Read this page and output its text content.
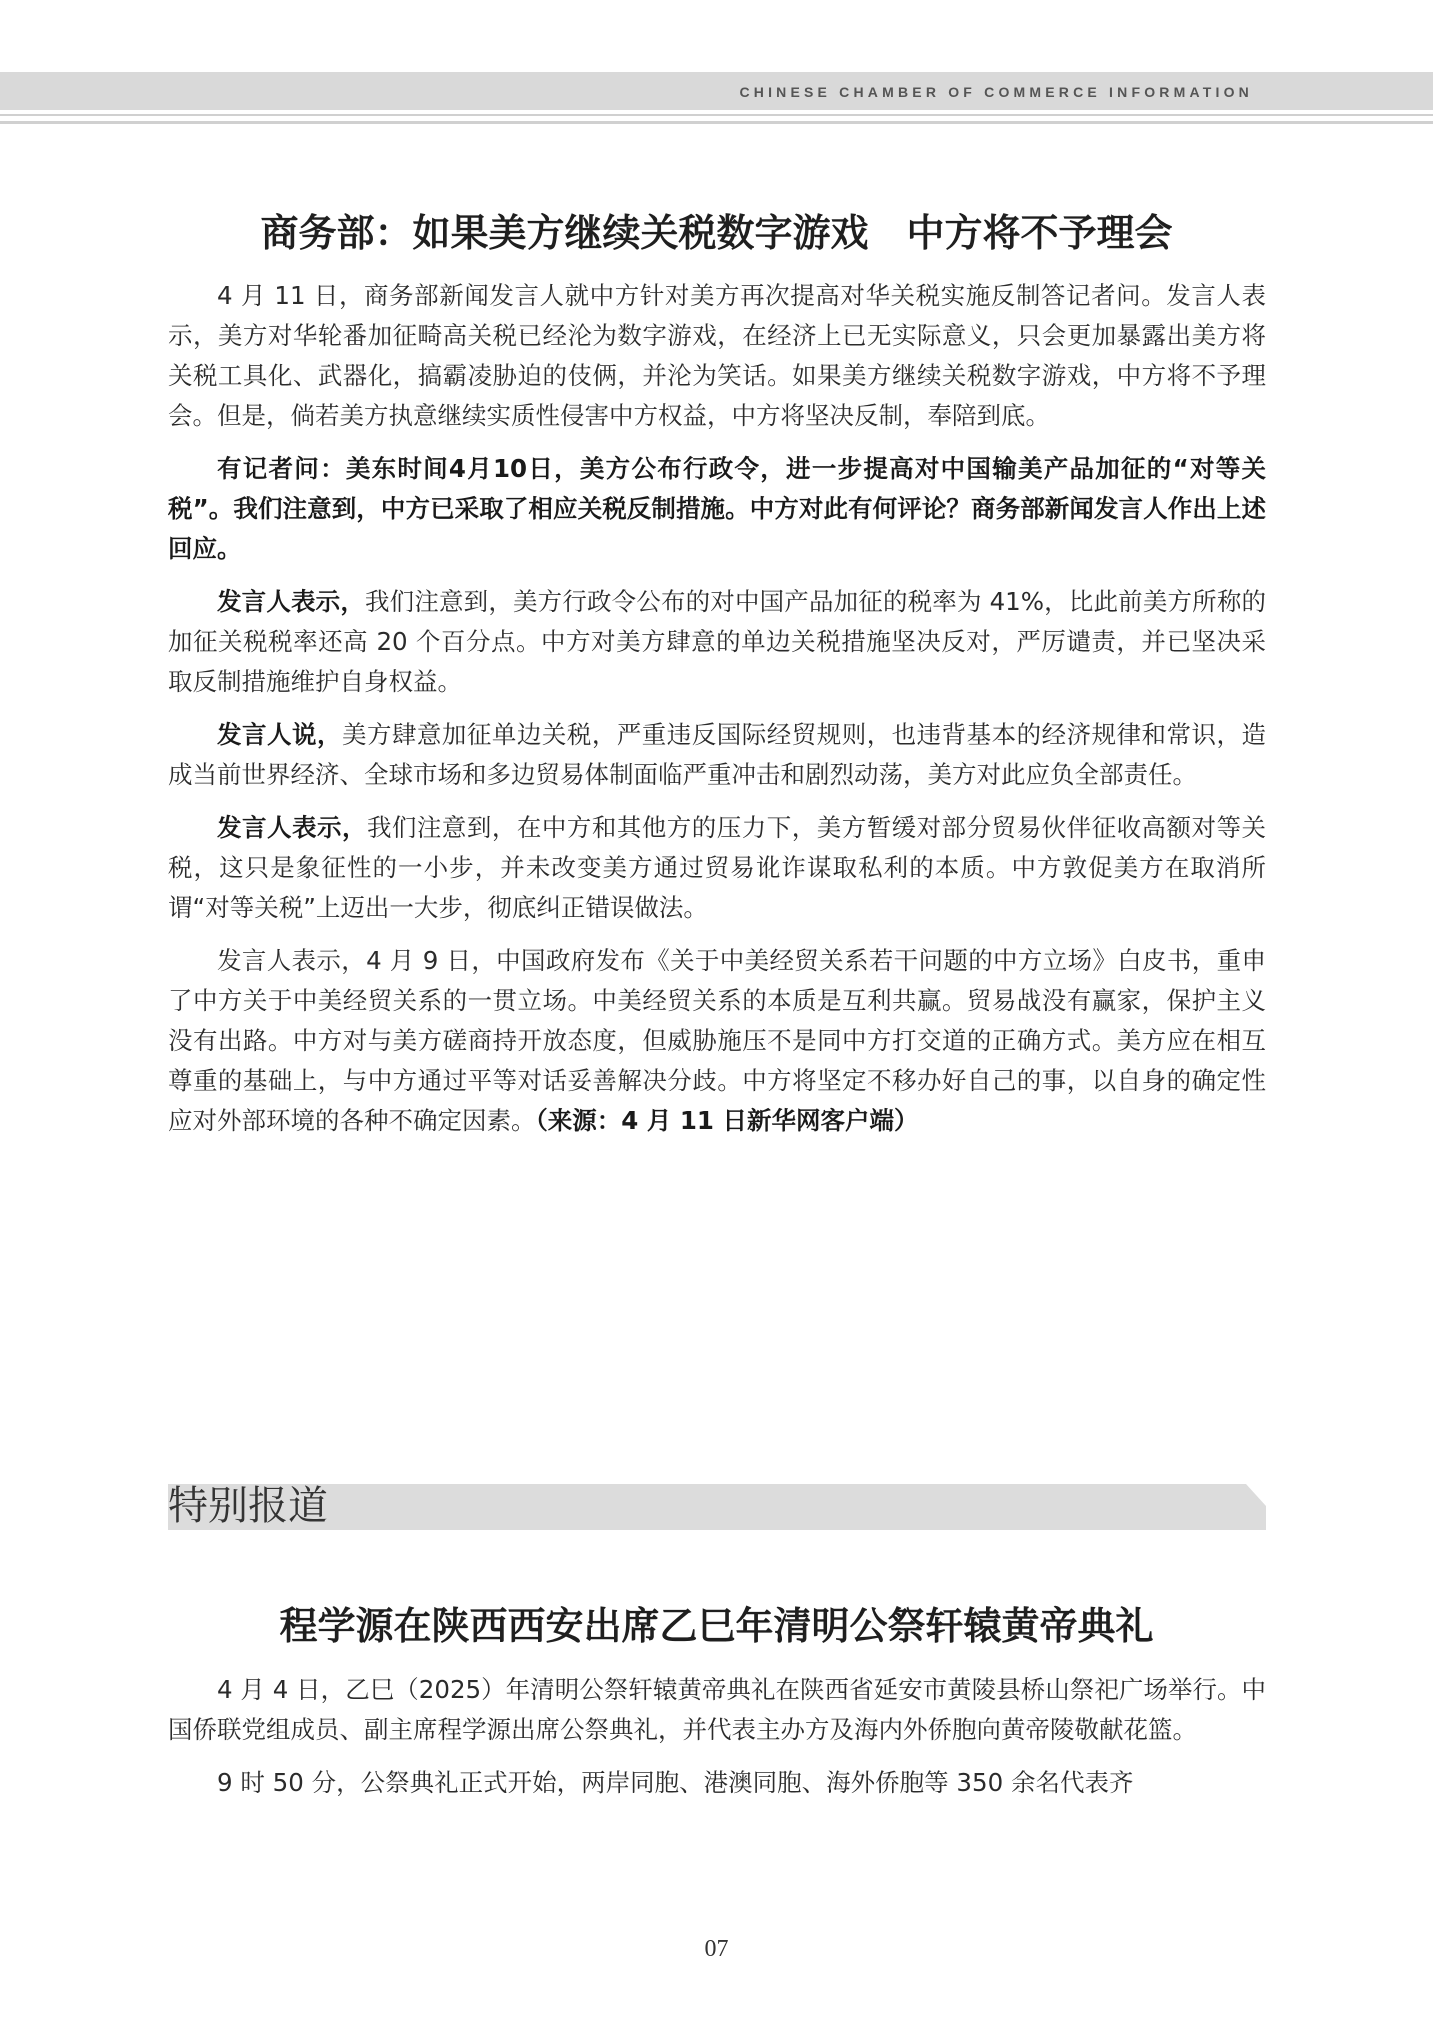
CHINESE CHAMBER OF COMMERCE INFORMATION
商务部：如果美方继续关税数字游戏　中方将不予理会

4 月 11 日，商务部新闻发言人就中方针对美方再次提高对华关税实施反制答记者问。发言人表示，美方对华轮番加征畸高关税已经沦为数字游戏，在经济上已无实际意义，只会更加暴露出美方将关税工具化、武器化，搞霸凌胁迫的伎俩，并沦为笑话。如果美方继续关税数字游戏，中方将不予理会。但是，倘若美方执意继续实质性侵害中方权益，中方将坚决反制，奉陪到底。

有记者问：美东时间4月10日，美方公布行政令，进一步提高对中国输美产品加征的“对等关税”。我们注意到，中方已采取了相应关税反制措施。中方对此有何评论？商务部新闻发言人作出上述回应。

发言人表示，我们注意到，美方行政令公布的对中国产品加征的税率为 41%，比此前美方所称的加征关税税率还高 20 个百分点。中方对美方肆意的单边关税措施坚决反对，严厉谴责，并已坚决采取反制措施维护自身权益。

发言人说，美方肆意加征单边关税，严重违反国际经贸规则，也违背基本的经济规律和常识，造成当前世界经济、全球市场和多边贸易体制面临严重冲击和剧烈动荡，美方对此应负全部责任。

发言人表示，我们注意到，在中方和其他方的压力下，美方暂缓对部分贸易伙伴征收高额对等关税，这只是象征性的一小步，并未改变美方通过贸易讹诈谋取私利的本质。中方敦促美方在取消所谓“对等关税”上迈出一大步，彻底纠正错误做法。

发言人表示，4 月 9 日，中国政府发布《关于中美经贸关系若干问题的中方立场》白皮书，重申了中方关于中美经贸关系的一贯立场。中美经贸关系的本质是互利共赢。贸易战没有赢家，保护主义没有出路。中方对与美方磋商持开放态度，但威胁施压不是同中方打交道的正确方式。美方应在相互尊重的基础上，与中方通过平等对话妥善解决分歧。中方将坚定不移办好自己的事，以自身的确定性应对外部环境的各种不确定因素。（来源：4 月 11 日新华网客户端）

特别报道
程学源在陕西西安出席乙巳年清明公祭轩辕黄帝典礼

4 月 4 日，乙巳（2025）年清明公祭轩辕黄帝典礼在陕西省延安市黄陵县桥山祭祀广场举行。中国侨联党组成员、副主席程学源出席公祭典礼，并代表主办方及海内外侨胞向黄帝陵敬献花篮。

9 时 50 分，公祭典礼正式开始，两岸同胞、港澳同胞、海外侨胞等 350 余名代表齐

07
